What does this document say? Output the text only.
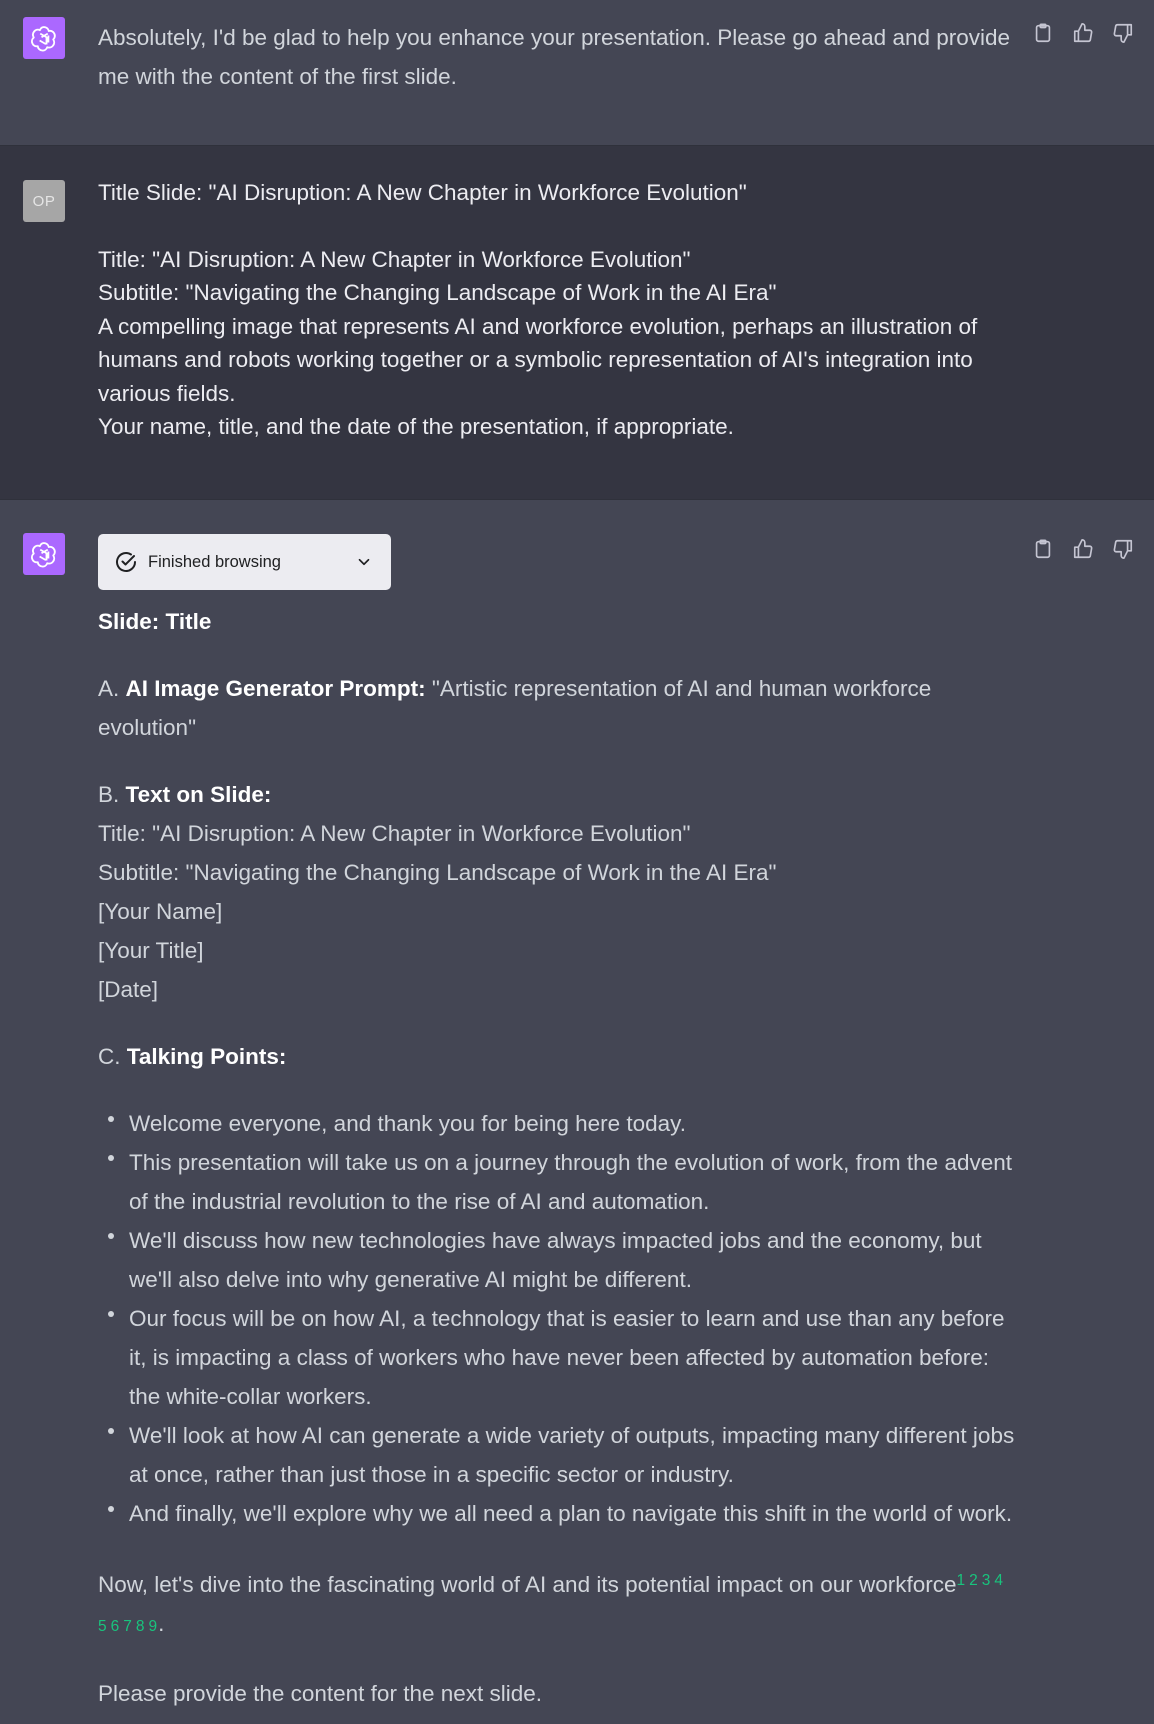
Absolutely, I'd be glad to help you enhance your presentation. Please go ahead and provide me with the content of the first slide.
OP	Title Slide: "AI Disruption: A New Chapter in Workforce Evolution"
Title: "AI Disruption: A New Chapter in Workforce Evolution"
Subtitle: "Navigating the Changing Landscape of Work in the AI Era"
A compelling image that represents AI and workforce evolution, perhaps an illustration of humans and robots working together or a symbolic representation of AI's integration into various fields.
Your name, title, and the date of the presentation, if appropriate.
Finished browsing
Slide: Title
A. AI Image Generator Prompt: "Artistic representation of AI and human workforce evolution"
B. Text on Slide:
Title: "AI Disruption: A New Chapter in Workforce Evolution"
Subtitle: "Navigating the Changing Landscape of Work in the AI Era"
[Your Name]
[Your Title]
[Date]
C. Talking Points:
Welcome everyone, and thank you for being here today.
This presentation will take us on a journey through the evolution of work, from the advent of the industrial revolution to the rise of AI and automation.
We'll discuss how new technologies have always impacted jobs and the economy, but we'll also delve into why generative AI might be different.
Our focus will be on how AI, a technology that is easier to learn and use than any before it, is impacting a class of workers who have never been affected by automation before: the white-collar workers.
We'll look at how AI can generate a wide variety of outputs, impacting many different jobs at once, rather than just those in a specific sector or industry.
And finally, we'll explore why we all need a plan to navigate this shift in the world of work.
Now, let's dive into the fascinating world of AI and its potential impact on our workforce$^{1 2 3 4}$
5 6 7 8 9.
Please provide the content for the next slide.
